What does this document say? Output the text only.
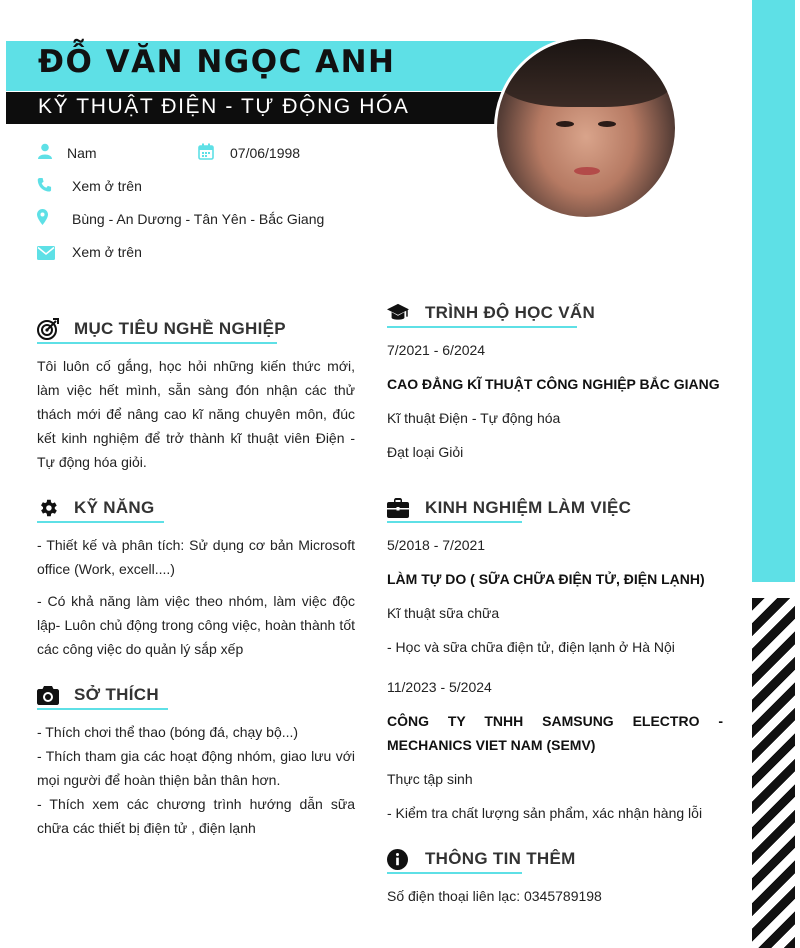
ĐỖ VĂN NGỌC ANH
KỸ THUẬT ĐIỆN - TỰ ĐỘNG HÓA
Nam	07/06/1998
Xem ở trên
Bùng - An Dương - Tân Yên - Bắc Giang
Xem ở trên
MỤC TIÊU NGHỀ NGHIỆP
Tôi luôn cố gắng, học hỏi những kiến thức mới, làm việc hết mình, sẵn sàng đón nhận các thử thách mới để nâng cao kĩ năng chuyên môn, đúc kết kinh nghiệm để trở thành kĩ thuật viên Điện - Tự động hóa giỏi.
KỸ NĂNG
- Thiết kế và phân tích: Sử dụng cơ bản Microsoft office (Work, excell....)
- Có khả năng làm việc theo nhóm, làm việc độc lập- Luôn chủ động trong công việc, hoàn thành tốt các công việc do quản lý sắp xếp
SỞ THÍCH
- Thích chơi thể thao (bóng đá, chạy bộ...)
- Thích tham gia các hoạt động nhóm, giao lưu với mọi người để hoàn thiện bản thân hơn.
- Thích xem các chương trình hướng dẫn sữa chữa các thiết bị điện tử , điện lạnh
TRÌNH ĐỘ HỌC VẤN
7/2021 - 6/2024
CAO ĐẲNG KĨ THUẬT CÔNG NGHIỆP BẮC GIANG
Kĩ thuật Điện - Tự động hóa
Đạt loại Giỏi
KINH NGHIỆM LÀM VIỆC
5/2018 - 7/2021
LÀM TỰ DO ( SỮA CHỮA ĐIỆN TỬ, ĐIỆN LẠNH)
Kĩ thuật sữa chữa
- Học và sữa chữa điện tử, điện lạnh ở Hà Nội
11/2023 - 5/2024
CÔNG TY TNHH SAMSUNG ELECTRO - MECHANICS VIET NAM (SEMV)
Thực tập sinh
- Kiểm tra chất lượng sản phẩm, xác nhận hàng lỗi
THÔNG TIN THÊM
Số điện thoại liên lạc: 0345789198
